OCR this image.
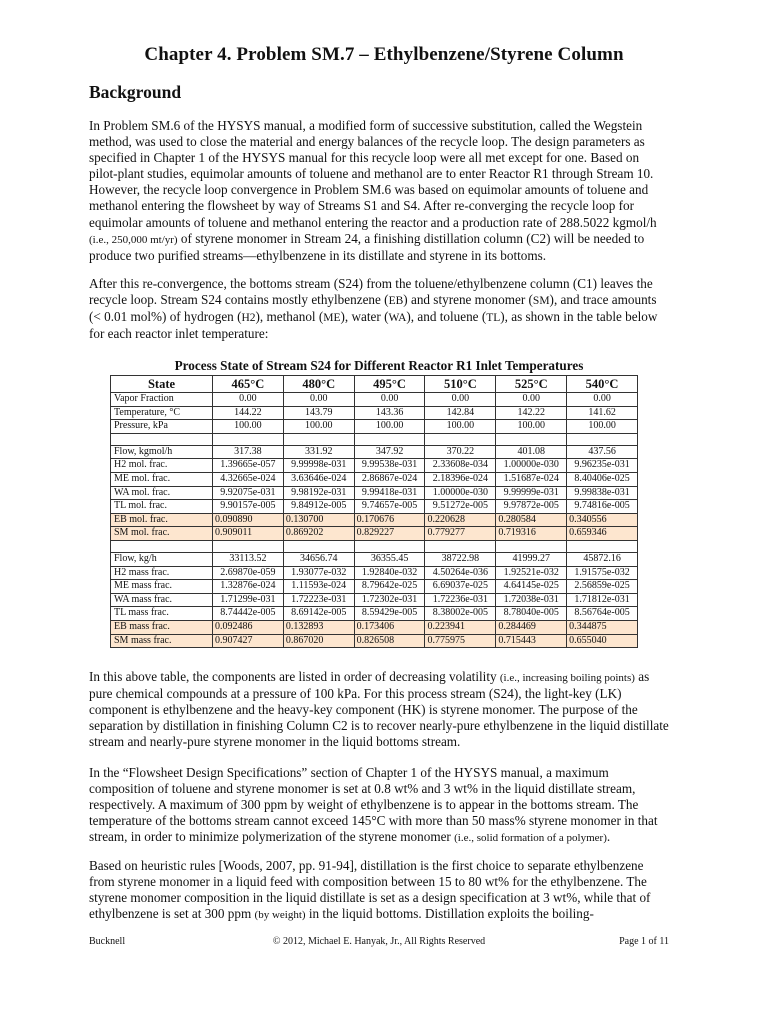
Chapter 4. Problem SM.7 – Ethylbenzene/Styrene Column
Background

In Problem SM.6 of the HYSYS manual, a modified form of successive substitution, called the Wegstein method, was used to close the material and energy balances of the recycle loop. The design parameters as specified in Chapter 1 of the HYSYS manual for this recycle loop were all met except for one. Based on pilot-plant studies, equimolar amounts of toluene and methanol are to enter Reactor R1 through Stream 10. However, the recycle loop convergence in Problem SM.6 was based on equimolar amounts of toluene and methanol entering the flowsheet by way of Streams S1 and S4. After re-converging the recycle loop for equimolar amounts of toluene and methanol entering the reactor and a production rate of 288.5022 kgmol/h (i.e., 250,000 mt/yr) of styrene monomer in Stream 24, a finishing distillation column (C2) will be needed to produce two purified streams—ethylbenzene in its distillate and styrene in its bottoms.

After this re-convergence, the bottoms stream (S24) from the toluene/ethylbenzene column (C1) leaves the recycle loop. Stream S24 contains mostly ethylbenzene (EB) and styrene monomer (SM), and trace amounts (< 0.01 mol%) of hydrogen (H2), methanol (ME), water (WA), and toluene (TL), as shown in the table below for each reactor inlet temperature:

Process State of Stream S24 for Different Reactor R1 Inlet Temperatures

State	465°C	480°C	495°C	510°C	525°C	540°C
Vapor Fraction	0.00	0.00	0.00	0.00	0.00	0.00
Temperature, °C	144.22	143.79	143.36	142.84	142.22	141.62
Pressure, kPa	100.00	100.00	100.00	100.00	100.00	100.00

Flow, kgmol/h	317.38	331.92	347.92	370.22	401.08	437.56
H2 mol. frac.	1.39665e-057	9.99998e-031	9.99538e-031	2.33608e-034	1.00000e-030	9.96235e-031
ME mol. frac.	4.32665e-024	3.63646e-024	2.86867e-024	2.18396e-024	1.51687e-024	8.40406e-025
WA mol. frac.	9.92075e-031	9.98192e-031	9.99418e-031	1.00000e-030	9.99999e-031	9.99838e-031
TL mol. frac.	9.90157e-005	9.84912e-005	9.74657e-005	9.51272e-005	9.97872e-005	9.74816e-005
EB mol. frac.	0.090890	0.130700	0.170676	0.220628	0.280584	0.340556
SM mol. frac.	0.909011	0.869202	0.829227	0.779277	0.719316	0.659346

Flow, kg/h	33113.52	34656.74	36355.45	38722.98	41999.27	45872.16
H2 mass frac.	2.69870e-059	1.93077e-032	1.92840e-032	4.50264e-036	1.92521e-032	1.91575e-032
ME mass frac.	1.32876e-024	1.11593e-024	8.79642e-025	6.69037e-025	4.64145e-025	2.56859e-025
WA mass frac.	1.71299e-031	1.72223e-031	1.72302e-031	1.72236e-031	1.72038e-031	1.71812e-031
TL mass frac.	8.74442e-005	8.69142e-005	8.59429e-005	8.38002e-005	8.78040e-005	8.56764e-005
EB mass frac.	0.092486	0.132893	0.173406	0.223941	0.284469	0.344875
SM mass frac.	0.907427	0.867020	0.826508	0.775975	0.715443	0.655040

In this above table, the components are listed in order of decreasing volatility (i.e., increasing boiling points) as pure chemical compounds at a pressure of 100 kPa. For this process stream (S24), the light-key (LK) component is ethylbenzene and the heavy-key component (HK) is styrene monomer. The purpose of the separation by distillation in finishing Column C2 is to recover nearly-pure ethylbenzene in the liquid distillate stream and nearly-pure styrene monomer in the liquid bottoms stream.

In the “Flowsheet Design Specifications” section of Chapter 1 of the HYSYS manual, a maximum composition of toluene and styrene monomer is set at 0.8 wt% and 3 wt% in the liquid distillate stream, respectively. A maximum of 300 ppm by weight of ethylbenzene is to appear in the bottoms stream. The temperature of the bottoms stream cannot exceed 145°C with more than 50 mass% styrene monomer in that stream, in order to minimize polymerization of the styrene monomer (i.e., solid formation of a polymer).

Based on heuristic rules [Woods, 2007, pp. 91-94], distillation is the first choice to separate ethylbenzene from styrene monomer in a liquid feed with composition between 15 to 80 wt% for the ethylbenzene. The styrene monomer composition in the liquid distillate is set as a design specification at 3 wt%, while that of ethylbenzene is set at 300 ppm (by weight) in the liquid bottoms. Distillation exploits the boiling-

Bucknell	© 2012, Michael E. Hanyak, Jr., All Rights Reserved	Page 1 of 11
